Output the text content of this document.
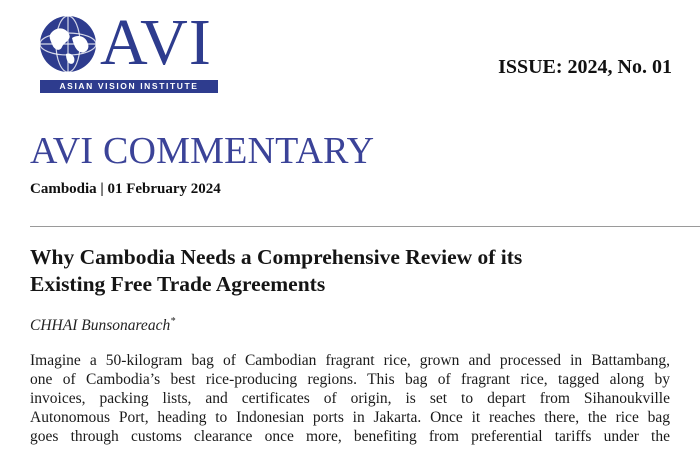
AVI
ASIAN VISION INSTITUTE
ISSUE: 2024, No. 01
AVI COMMENTARY
Cambodia | 01 February 2024
Why Cambodia Needs a Comprehensive Review of its
Existing Free Trade Agreements
CHHAI Bunsonareach*
Imagine a 50-kilogram bag of Cambodian fragrant rice, grown and processed in Battambang,
one of Cambodia’s best rice-producing regions. This bag of fragrant rice, tagged along by
invoices, packing lists, and certificates of origin, is set to depart from Sihanoukville
Autonomous Port, heading to Indonesian ports in Jakarta. Once it reaches there, the rice bag
goes through customs clearance once more, benefiting from preferential tariffs under the
